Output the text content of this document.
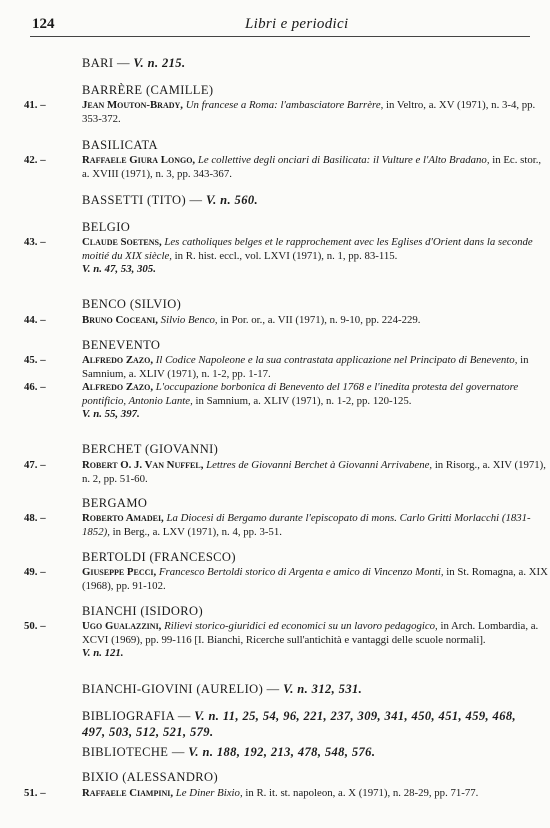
124	Libri e periodici
BARI — V. n. 215.
BARRÈRE (CAMILLE)
41. –	Jean Mouton-Brady, Un francese a Roma: l'ambasciatore Barrère, in Veltro, a. XV (1971), n. 3-4, pp. 353-372.
BASILICATA
42. –	Raffaele Giura Longo, Le collettive degli onciari di Basilicata: il Vulture e l'Alto Bradano, in Ec. stor., a. XVIII (1971), n. 3, pp. 343-367.
BASSETTI (TITO) — V. n. 560.
BELGIO
43. –	Claude Soetens, Les catholiques belges et le rapprochement avec les Eglises d'Orient dans la seconde moitié du XIX siècle, in R. hist. eccl., vol. LXVI (1971), n. 1, pp. 83-115.
V. n. 47, 53, 305.
BENCO (SILVIO)
44. –	Bruno Coceani, Silvio Benco, in Por. or., a. VII (1971), n. 9-10, pp. 224-229.
BENEVENTO
45. –	Alfredo Zazo, Il Codice Napoleone e la sua contrastata applicazione nel Principato di Benevento, in Samnium, a. XLIV (1971), n. 1-2, pp. 1-17.
46. –	Alfredo Zazo, L'occupazione borbonica di Benevento del 1768 e l'inedita protesta del governatore pontificio, Antonio Lante, in Samnium, a. XLIV (1971), n. 1-2, pp. 120-125.
V. n. 55, 397.
BERCHET (GIOVANNI)
47. –	Robert O. J. Van Nuffel, Lettres de Giovanni Berchet à Giovanni Arrivabene, in Risorg., a. XIV (1971), n. 2, pp. 51-60.
BERGAMO
48. –	Roberto Amadei, La Diocesi di Bergamo durante l'episcopato di mons. Carlo Gritti Morlacchi (1831-1852), in Berg., a. LXV (1971), n. 4, pp. 3-51.
BERTOLDI (FRANCESCO)
49. –	Giuseppe Pecci, Francesco Bertoldi storico di Argenta e amico di Vincenzo Monti, in St. Romagna, a. XIX (1968), pp. 91-102.
BIANCHI (ISIDORO)
50. –	Ugo Gualazzini, Rilievi storico-giuridici ed economici su un lavoro pedagogico, in Arch. Lombardia, a. XCVI (1969), pp. 99-116 [I. Bianchi, Ricerche sull'antichità e vantaggi delle scuole normali].
V. n. 121.
BIANCHI-GIOVINI (AURELIO) — V. n. 312, 531.
BIBLIOGRAFIA — V. n. 11, 25, 54, 96, 221, 237, 309, 341, 450, 451, 459, 468, 497, 503, 512, 521, 579.
BIBLIOTECHE — V. n. 188, 192, 213, 478, 548, 576.
BIXIO (ALESSANDRO)
51. –	Raffaele Ciampini, Le Diner Bixio, in R. it. st. napoleon, a. X (1971), n. 28-29, pp. 71-77.
